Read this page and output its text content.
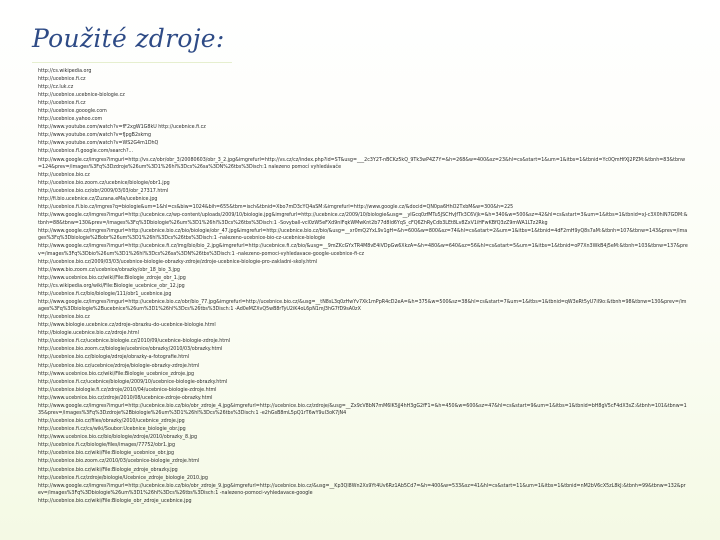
Použité zdroje:

http://cs.wikipedia.org

http://ucebnice.fi.cz

http://cz.luk.cz

http://ucebnice.ucebnice-biologie.cz

http://ucebnice.fi.cz

http://ucebnice.gooogle.com

http://ucebnice.yahoo.com

http://www.youtube.com/watch?v=fF2xgW1G8kU http://ucebnice.fi.cz

http://www.youtube.com/watch?v=fJpgB2skmg

http://www.youtube.com/watch?v=WS2G4m1DhQ

http://ucebnice.fl.google.com/search?...

http://www.google.cz/imgres?imgurl=http://vs.cz/obr/obr_3/20080603/obr_3_2.jpg&imgrefurl=http://vs.cz/cz/index.php?id=ST&usg=___2c3Y2T-nBCKz5kQ_9Tk3wP4Z7Y=&h=268&w=400&sz=23&hl=cs&start=1&um=1&itbs=1&tbnid=Yc0QmHfXJ2PZM:&tbnh=83&tbnw=124&prev=/images%3Fq%3Dzdroje%26um%3D1%26hl%3Dcs%26sa%3DN%26tbs%3Disch:1 nalezeno pomocí vyhledávače

http://ucebnice.bio.cz

http://ucebnice.bio.zoom.cz/ucebnice/biologie/obr1.jpg

http://ucebnice.bio.cz/obr/2009/03/03/obr_27317.html

http://fi.bio.ucebnice.cz/Zuzana.eMa/ucebnice.jpg

http://ucebnice.fi.bio.cz/imgres?q=biologie&um=1&hl=cs&biw=1024&bih=655&tbm=isch&tbnid=Xbo7mD3cYQ4aSM:&imgrefurl=http://www.google.cz/&docid=QN0pa6HhO2TxbM&w=300&h=225

http://www.google.cz/imgres?imgurl=http://ucebnice.cz/wp-content/uploads/2009/10/biologie.jpg&imgrefurl=http://ucebnice.cz/2009/10/biologie&usg=__ylGcq0zfMTu5JSCHvJfTk3C6Vjk=&h=340&w=500&sz=42&hl=cs&start=3&um=1&itbs=1&tbnid=xJ-c3X0hlN7GDM:&tbnh=88&tbnw=130&prev=/images%3Fq%3Dbiologie%26um%3D1%26hl%3Dcs%26tbs%3Disch:1 -Sovyball-vcl0zW5eFXd9nIFqkWMwKnt2b77d8ld6YqS_cFQ6ZhRyCdb3LEt8Lv8ZxV1iHFwKBfQ3zZ9mWA1LTz2Rkg

http://www.google.cz/imgres?imgurl=http://ucebnice.bio.cz/bio/biologie/obr_47.jpg&imgrefurl=http://ucebnice.bio.cz/bio/&usg=__xr0mQ2YxL9v1gH=&h=600&w=800&sz=74&hl=cs&start=2&um=1&itbs=1&tbnid=4dF2mH9yQ8s7aM:&tbnh=107&tbnw=143&prev=/images%3Fq%3Dbiologie%2Bobr%26um%3D1%26hl%3Dcs%26tbs%3Disch:1 -nalezeno-ucebnice-bio-cz-ucebnice-biologie

http://www.google.cz/imgres?imgurl=http://ucebnice.fi.cz/img/bio/bio_2.jpg&imgrefurl=http://ucebnice.fi.cz/bio/&usg=__9mZKcGYxTR4M8vE4iVDpGw6XkzA=&h=480&w=640&sz=56&hl=cs&start=5&um=1&itbs=1&tbnid=oP7Xn3WkB4j5eM:&tbnh=103&tbnw=137&prev=/images%3Fq%3Dbio%26um%3D1%26hl%3Dcs%26sa%3DN%26tbs%3Disch:1 -nalezeno-pomoci-vyhledavace-google-ucebnice-fi-cz

http://ucebnice.bio.cz/2009/03/03/ucebnice-biologie-obrazky-zdroje/zdroje-ucebnice-biologie-pro-zakladni-skoly.html

http://www.bio.zoom.cz/ucebnice/obrazky/obr_18_bio_3.jpg

http://www.ucebnice.bio.cz/wiki/File:Biologie_zdroje_obr_1.jpg

http://cs.wikipedia.org/wiki/File:Biologie_ucebnice_obr_12.jpg

http://ucebnice.fi.cz/bio/biologie/111/obr1_ucebnice.jpg

http://www.google.cz/imgres?imgurl=http://ucebnice.bio.cz/obr/bio_77.jpg&imgrefurl=http://ucebnice.bio.cz/&usg=__tN8sL3q0zHwYv7Xk1mPpR4cD2eA=&h=375&w=500&sz=38&hl=cs&start=7&um=1&itbs=1&tbnid=qW3eRt5yU7iI9o:&tbnh=98&tbnw=130&prev=/images%3Fq%3Dbiologie%2Bucebnice%26um%3D1%26hl%3Dcs%26tbs%3Disch:1 -Ad0eMZXvQ5wB8rTyU2iK4oL6pN1mJ3hG7fD9sA0zX

http://ucebnice.bio.cz

http://www.biologie.ucebnice.cz/zdroje-obrazku-do-ucebnice-biologie.html

http://biologie.ucebnice.bio.cz/zdroje.html

http://ucebnice.fi.cz/ucebnice.biologie.cz/2010/09/ucebnice-biologie-zdroje.html

http://ucebnice.bio.zoom.cz/biologie/ucebnice/obrazky/2010/03/obrazky.html

http://ucebnice.bio.cz/biologie/zdroje/obrazky-a-fotografie.html

http://ucebnice.bio.cz/ucebnice/zdroje/biologie-obrazky-zdroje.html

http://www.ucebnice.bio.cz/wiki/File:Biologie_ucebnice_zdroje.jpg

http://ucebnice.fi.cz/ucebnice/biologie/2009/10/ucebnice-biologie-obrazky.html

http://ucebnice.biologie.fi.cz/zdroje/2010/04/ucebnice-biologie-zdroje.html

http://www.ucebnice.bio.cz/zdroje/2010/08/ucebnice-zdroje-obrazky.html

http://www.google.cz/imgres?imgurl=http://ucebnice.bio.cz/bio/obr_zdroje_4.jpg&imgrefurl=http://ucebnice.bio.cz/zdroje/&usg=__Zx9cV8bN7mM6lK5jJ4hH3gG2fF1=&h=450&w=600&sz=47&hl=cs&start=9&um=1&itbs=1&tbnid=bH8gV5cF4dX3sZ:&tbnh=101&tbnw=135&prev=/images%3Fq%3Dzdroje%2Bbiologie%26um%3D1%26hl%3Dcs%26tbs%3Disch:1 -e2hGsB8mL5pQ1rT6wY9uI3oK7jN4

http://ucebnice.bio.cz/files/obrazky/2010/ucebnice_zdroje.jpg

http://ucebnice.fi.cz/cs/wiki/Soubor:Ucebnice_biologie_obr.jpg

http://www.ucebnice.bio.cz/bio/biologie/zdroje/2010/obrazky_8.jpg

http://ucebnice.fi.cz/biologie/files/images/77752/obr1.jpg

http://ucebnice.bio.cz/wiki/File:Biologie_ucebnice_obr.jpg

http://ucebnice.bio.zoom.cz/2010/03/ucebnice-biologie_zdroje.html

http://ucebnice.bio.cz/wiki/File:Biologie_zdroje_obrazky.jpg

http://ucebnice.fi.cz/zdroje/biologie/Ucebnice_zdroje_biologie_2010.jpg

http://www.google.cz/imgres?imgurl=http://ucebnice.bio.cz/bio/obr_zdroje_9.jpg&imgrefurl=http://ucebnice.bio.cz/&usg=__Kp3Ql8Wn2Xs9Yt4Uv6Rz1Ab5Cd7=&h=400&w=533&sz=41&hl=cs&start=11&um=1&itbs=1&tbnid=nM2bV6cX5zL8kJ:&tbnh=99&tbnw=132&prev=/images%3Fq%3Dbiologie%26um%3D1%26hl%3Dcs%26tbs%3Disch:1 -nalezeno-pomoci-vyhledavace-google

http://ucebnice.bio.cz/wiki/File:Biologie_obr_zdroje_ucebnice.jpg
